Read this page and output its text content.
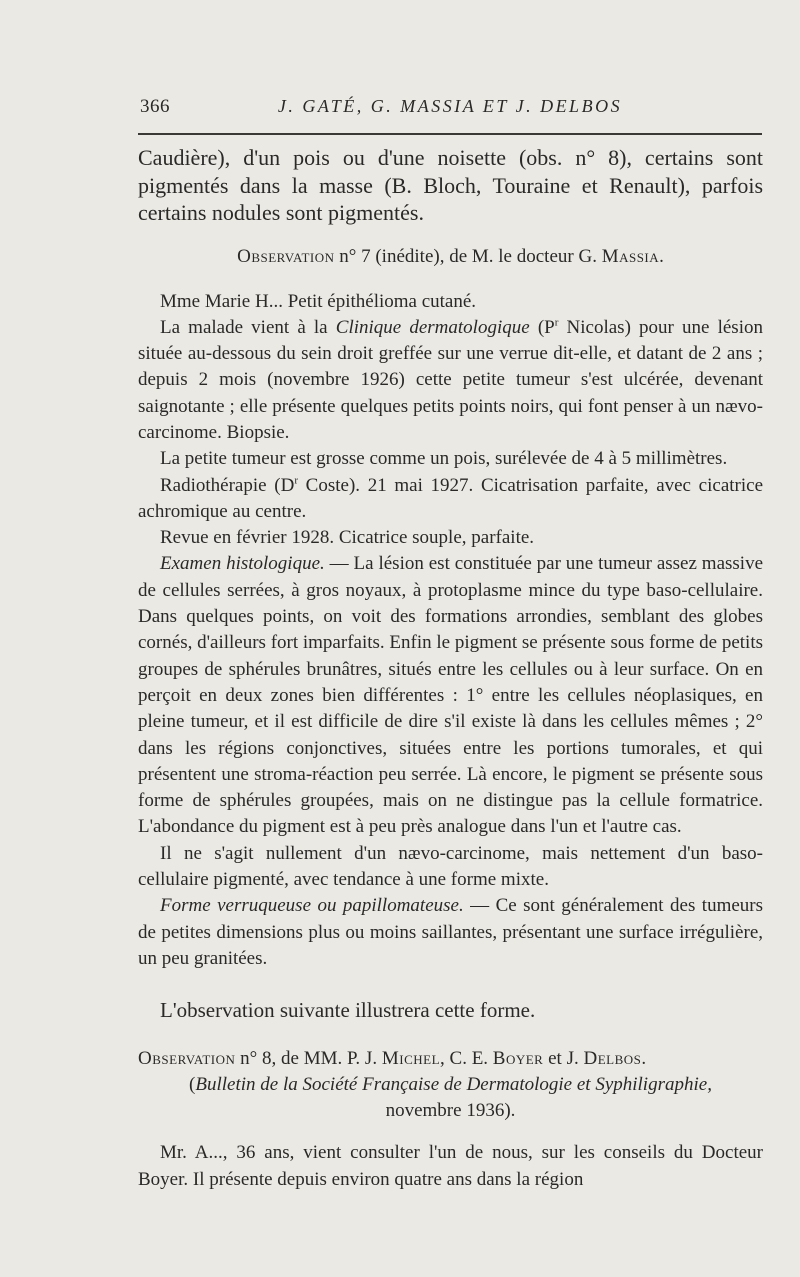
366	J. GATÉ, G. MASSIA ET J. DELBOS

Caudière), d'un pois ou d'une noisette (obs. n° 8), certains sont pigmentés dans la masse (B. Bloch, Touraine et Renault), parfois certains nodules sont pigmentés.

Observation n° 7 (inédite), de M. le docteur G. Massia.

Mme Marie H... Petit épithélioma cutané.

La malade vient à la Clinique dermatologique ($P^r$ Nicolas) pour une lésion située au-dessous du sein droit greffée sur une verrue dit-elle, et datant de 2 ans ; depuis 2 mois (novembre 1926) cette petite tumeur s'est ulcérée, devenant saignotante ; elle présente quelques petits points noirs, qui font penser à un nævo-carcinome. Biopsie.

La petite tumeur est grosse comme un pois, surélevée de 4 à 5 millimètres.

Radiothérapie ($D^r$ Coste). 21 mai 1927. Cicatrisation parfaite, avec cicatrice achromique au centre.

Revue en février 1928. Cicatrice souple, parfaite.

Examen histologique. — La lésion est constituée par une tumeur assez massive de cellules serrées, à gros noyaux, à protoplasme mince du type baso-cellulaire. Dans quelques points, on voit des formations arrondies, semblant des globes cornés, d'ailleurs fort imparfaits. Enfin le pigment se présente sous forme de petits groupes de sphérules brunâtres, situés entre les cellules ou à leur surface. On en perçoit en deux zones bien différentes : 1° entre les cellules néoplasiques, en pleine tumeur, et il est difficile de dire s'il existe là dans les cellules mêmes ; 2° dans les régions conjonctives, situées entre les portions tumorales, et qui présentent une stroma-réaction peu serrée. Là encore, le pigment se présente sous forme de sphérules groupées, mais on ne distingue pas la cellule formatrice. L'abondance du pigment est à peu près analogue dans l'un et l'autre cas.

Il ne s'agit nullement d'un nævo-carcinome, mais nettement d'un baso-cellulaire pigmenté, avec tendance à une forme mixte.

Forme verruqueuse ou papillomateuse. — Ce sont généralement des tumeurs de petites dimensions plus ou moins saillantes, présentant une surface irrégulière, un peu granitées.

L'observation suivante illustrera cette forme.

Observation n° 8, de MM. P. J. Michel, C. E. Boyer et J. Delbos.
(Bulletin de la Société Française de Dermatologie et Syphiligraphie,
novembre 1936).

Mr. A..., 36 ans, vient consulter l'un de nous, sur les conseils du Docteur Boyer. Il présente depuis environ quatre ans dans la région
